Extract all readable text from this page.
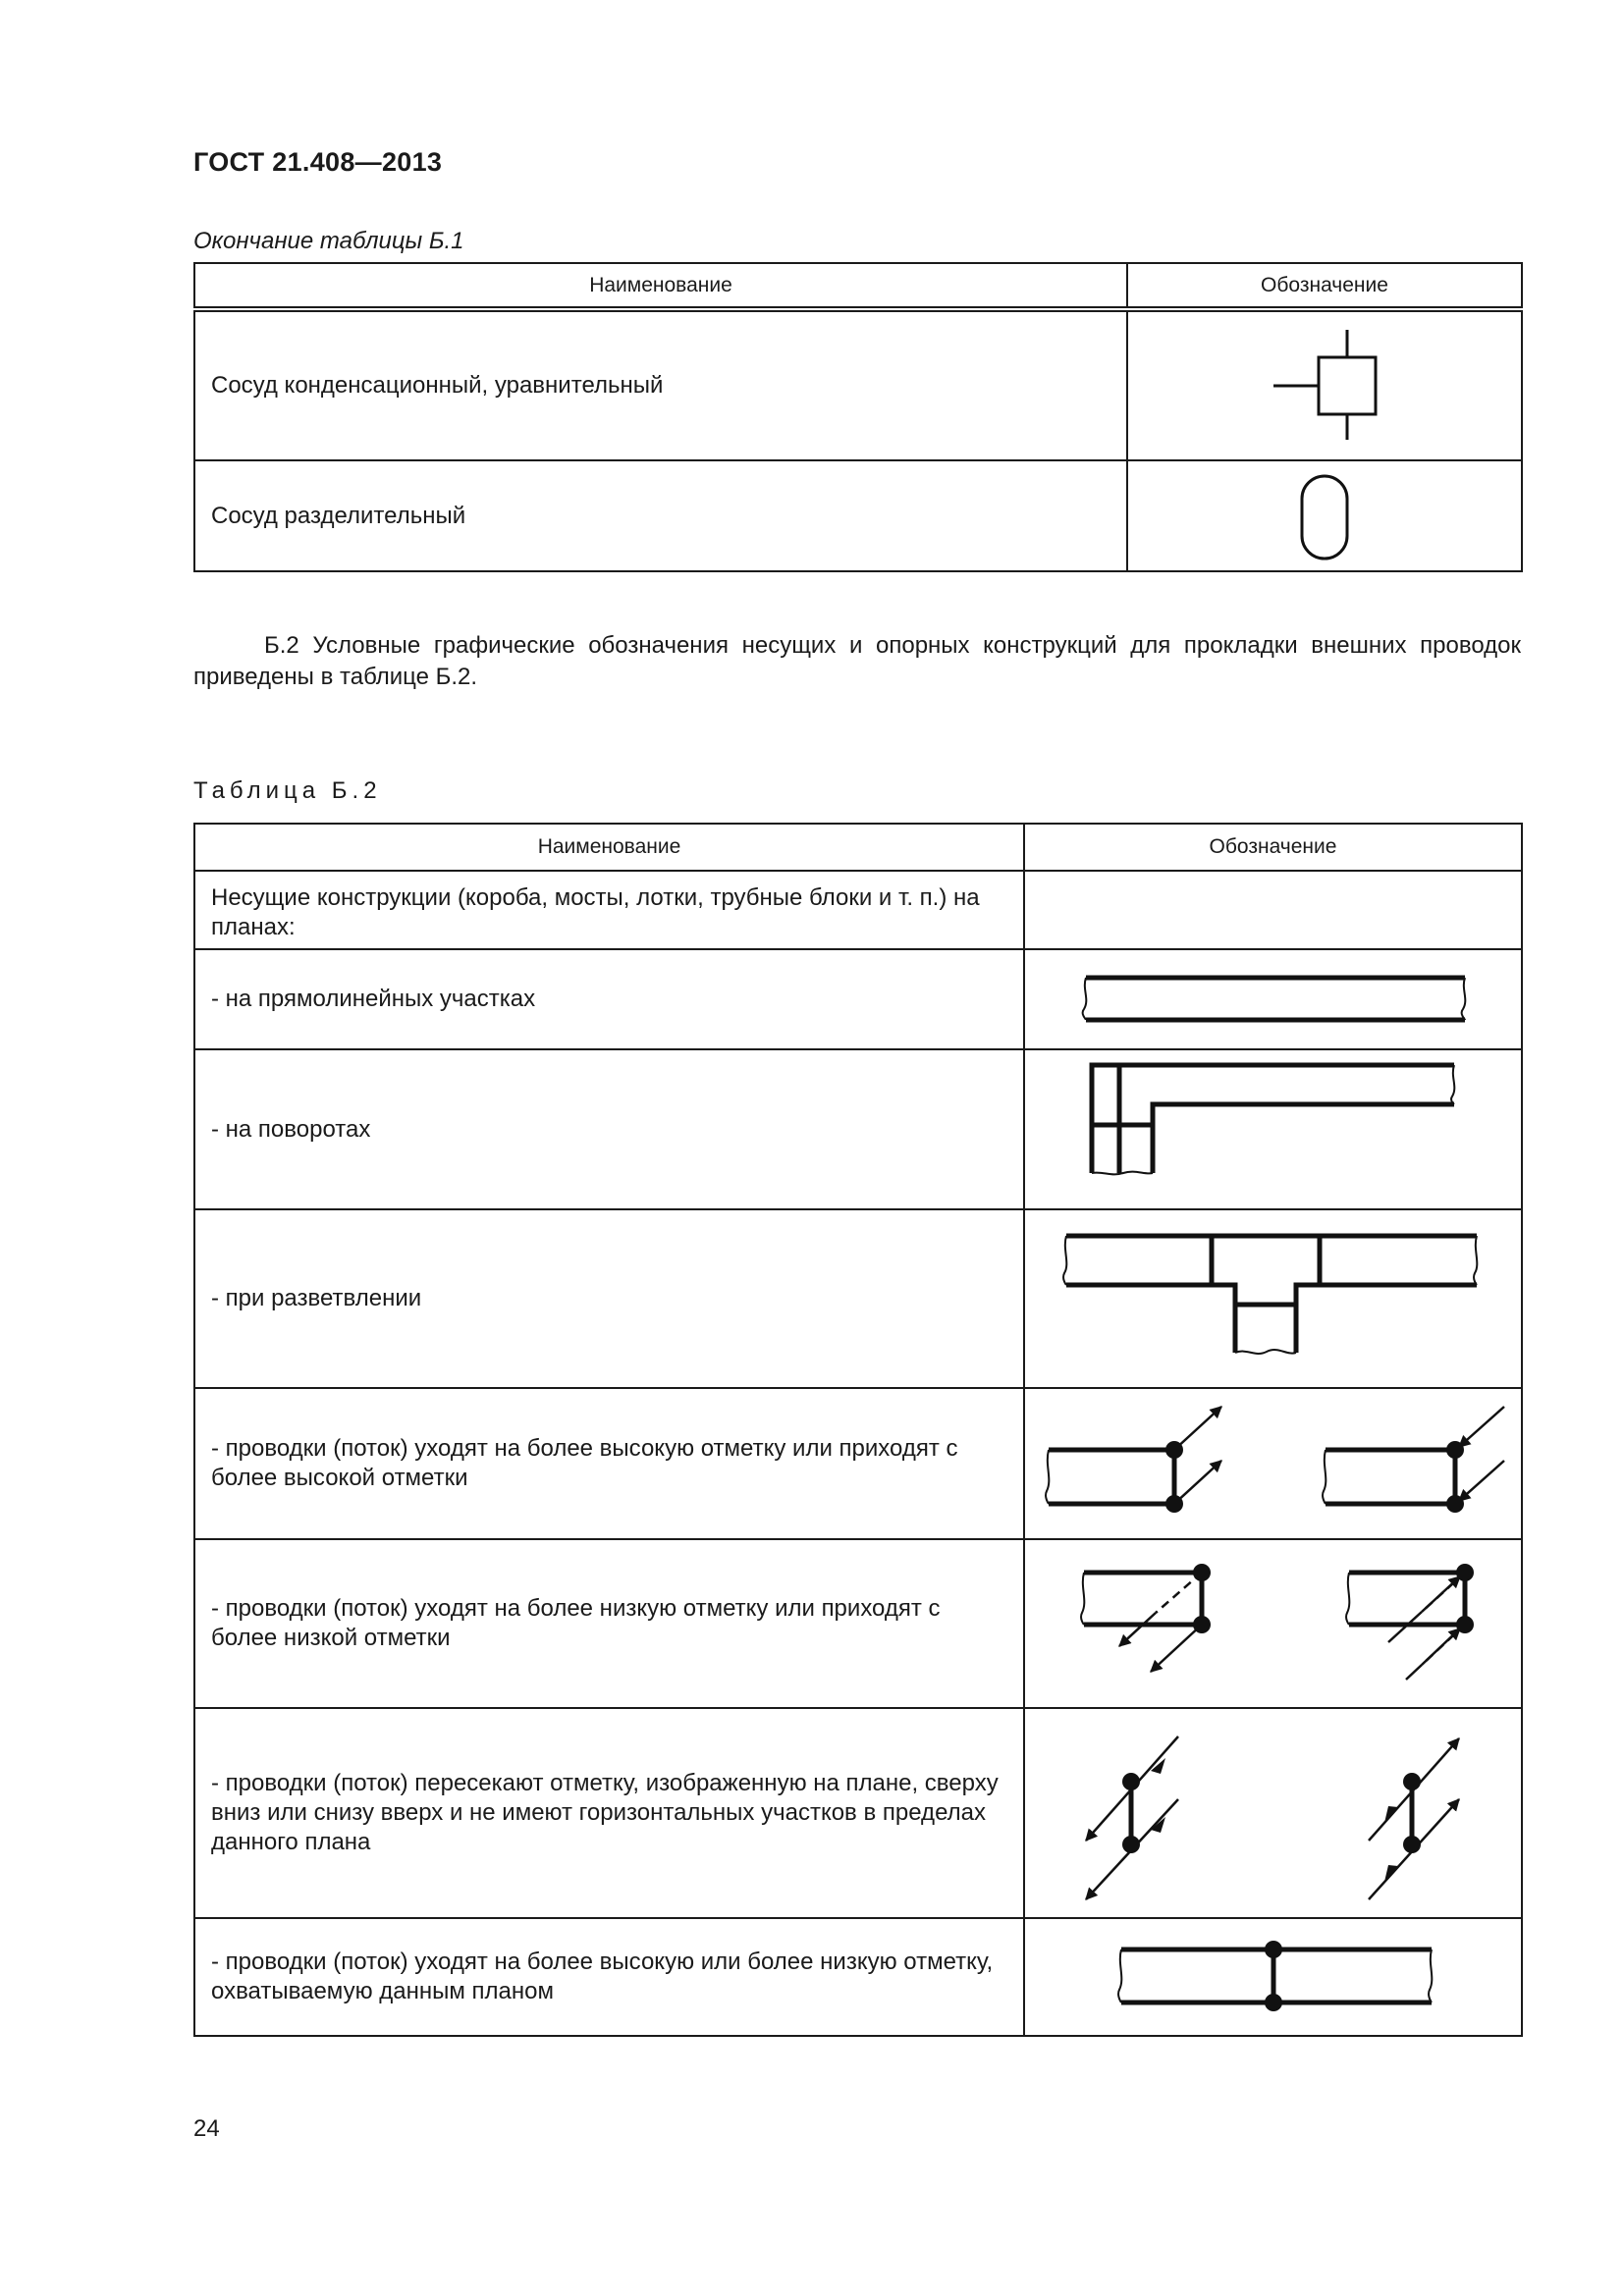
ГОСТ 21.408—2013
Окончание таблицы Б.1
Наименование	Обозначение
Сосуд конденсационный, уравнительный	

Сосуд разделительный	

Б.2 Условные графические обозначения несущих и опорных конструкций для прокладки внешних проводок приведены в таблице Б.2.

Таблица Б.2
Наименование	Обозначение
Несущие конструкции (короба, мосты, лотки, трубные блоки и т. п.) на планах:	
- на прямолинейных участках	

- на поворотах	

- при разветвлении	

- проводки (поток) уходят на более высокую отметку или приходят с более высокой отметки	

- проводки (поток) уходят на более низкую отметку или приходят с более низкой отметки	

- проводки (поток) пересекают отметку, изображенную на плане, сверху вниз или снизу вверх и не имеют горизонтальных участков в пределах данного плана	

- проводки (поток) уходят на более высокую или более низкую отметку, охватываемую данным планом	
24
